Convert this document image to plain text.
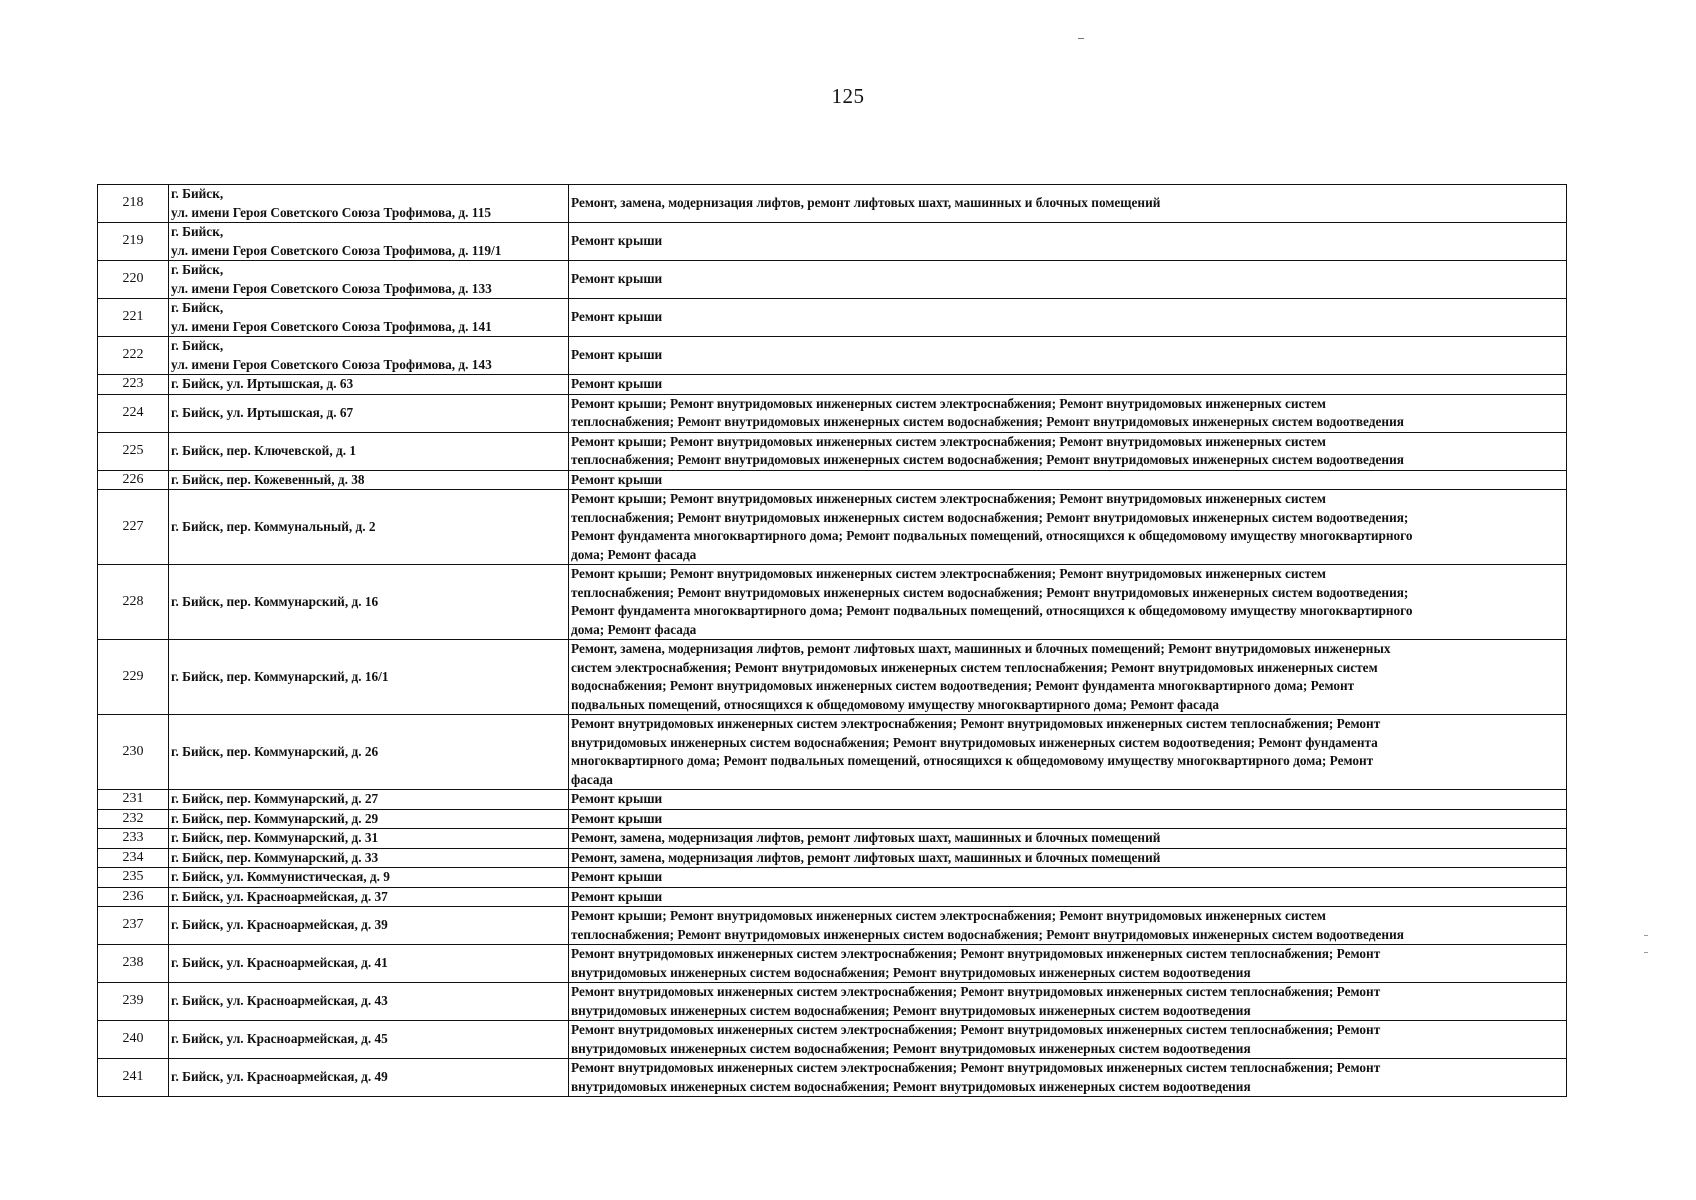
125
218	г. Бийск,
ул. имени Героя Советского Союза Трофимова, д. 115	Ремонт, замена, модернизация лифтов, ремонт лифтовых шахт, машинных и блочных помещений

219	г. Бийск,
ул. имени Героя Советского Союза Трофимова, д. 119/1	Ремонт крыши

220	г. Бийск,
ул. имени Героя Советского Союза Трофимова, д. 133	Ремонт крыши

221	г. Бийск,
ул. имени Героя Советского Союза Трофимова, д. 141	Ремонт крыши

222	г. Бийск,
ул. имени Героя Советского Союза Трофимова, д. 143	Ремонт крыши

223	г. Бийск, ул. Иртышская, д. 63	Ремонт крыши

224	г. Бийск, ул. Иртышская, д. 67	Ремонт крыши; Ремонт внутридомовых инженерных систем электроснабжения; Ремонт внутридомовых инженерных систем
теплоснабжения; Ремонт внутридомовых инженерных систем водоснабжения; Ремонт внутридомовых инженерных систем водоотведения

225	г. Бийск, пер. Ключевской, д. 1	Ремонт крыши; Ремонт внутридомовых инженерных систем электроснабжения; Ремонт внутридомовых инженерных систем
теплоснабжения; Ремонт внутридомовых инженерных систем водоснабжения; Ремонт внутридомовых инженерных систем водоотведения

226	г. Бийск, пер. Кожевенный, д. 38	Ремонт крыши

227	г. Бийск, пер. Коммунальный, д. 2	Ремонт крыши; Ремонт внутридомовых инженерных систем электроснабжения; Ремонт внутридомовых инженерных систем
теплоснабжения; Ремонт внутридомовых инженерных систем водоснабжения; Ремонт внутридомовых инженерных систем водоотведения;
Ремонт фундамента многоквартирного дома; Ремонт подвальных помещений, относящихся к общедомовому имуществу многоквартирного
дома; Ремонт фасада

228	г. Бийск, пер. Коммунарский, д. 16	Ремонт крыши; Ремонт внутридомовых инженерных систем электроснабжения; Ремонт внутридомовых инженерных систем
теплоснабжения; Ремонт внутридомовых инженерных систем водоснабжения; Ремонт внутридомовых инженерных систем водоотведения;
Ремонт фундамента многоквартирного дома; Ремонт подвальных помещений, относящихся к общедомовому имуществу многоквартирного
дома; Ремонт фасада

229	г. Бийск, пер. Коммунарский, д. 16/1	Ремонт, замена, модернизация лифтов, ремонт лифтовых шахт, машинных и блочных помещений; Ремонт внутридомовых инженерных
систем электроснабжения; Ремонт внутридомовых инженерных систем теплоснабжения; Ремонт внутридомовых инженерных систем
водоснабжения; Ремонт внутридомовых инженерных систем водоотведения; Ремонт фундамента многоквартирного дома; Ремонт
подвальных помещений, относящихся к общедомовому имуществу многоквартирного дома; Ремонт фасада

230	г. Бийск, пер. Коммунарский, д. 26	Ремонт внутридомовых инженерных систем электроснабжения; Ремонт внутридомовых инженерных систем теплоснабжения; Ремонт
внутридомовых инженерных систем водоснабжения; Ремонт внутридомовых инженерных систем водоотведения; Ремонт фундамента
многоквартирного дома; Ремонт подвальных помещений, относящихся к общедомовому имуществу многоквартирного дома; Ремонт
фасада

231	г. Бийск, пер. Коммунарский, д. 27	Ремонт крыши

232	г. Бийск, пер. Коммунарский, д. 29	Ремонт крыши

233	г. Бийск, пер. Коммунарский, д. 31	Ремонт, замена, модернизация лифтов, ремонт лифтовых шахт, машинных и блочных помещений

234	г. Бийск, пер. Коммунарский, д. 33	Ремонт, замена, модернизация лифтов, ремонт лифтовых шахт, машинных и блочных помещений

235	г. Бийск, ул. Коммунистическая, д. 9	Ремонт крыши

236	г. Бийск, ул. Красноармейская, д. 37	Ремонт крыши

237	г. Бийск, ул. Красноармейская, д. 39	Ремонт крыши; Ремонт внутридомовых инженерных систем электроснабжения; Ремонт внутридомовых инженерных систем
теплоснабжения; Ремонт внутридомовых инженерных систем водоснабжения; Ремонт внутридомовых инженерных систем водоотведения

238	г. Бийск, ул. Красноармейская, д. 41	Ремонт внутридомовых инженерных систем электроснабжения; Ремонт внутридомовых инженерных систем теплоснабжения; Ремонт
внутридомовых инженерных систем водоснабжения; Ремонт внутридомовых инженерных систем водоотведения

239	г. Бийск, ул. Красноармейская, д. 43	Ремонт внутридомовых инженерных систем электроснабжения; Ремонт внутридомовых инженерных систем теплоснабжения; Ремонт
внутридомовых инженерных систем водоснабжения; Ремонт внутридомовых инженерных систем водоотведения

240	г. Бийск, ул. Красноармейская, д. 45	Ремонт внутридомовых инженерных систем электроснабжения; Ремонт внутридомовых инженерных систем теплоснабжения; Ремонт
внутридомовых инженерных систем водоснабжения; Ремонт внутридомовых инженерных систем водоотведения

241	г. Бийск, ул. Красноармейская, д. 49	Ремонт внутридомовых инженерных систем электроснабжения; Ремонт внутридомовых инженерных систем теплоснабжения; Ремонт
внутридомовых инженерных систем водоснабжения; Ремонт внутридомовых инженерных систем водоотведения
